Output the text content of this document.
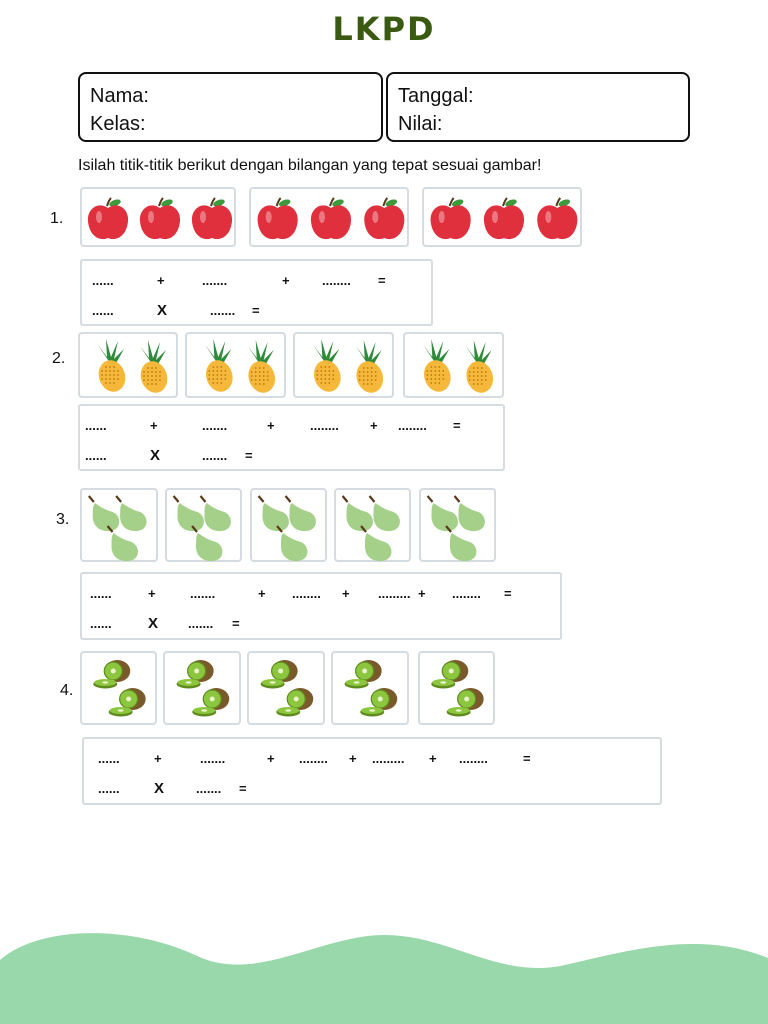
LKPD
Nama:
Kelas:
Tanggal:
Nilai:
Isilah titik-titik berikut dengan bilangan yang tepat sesuai gambar!
1.
......	+	.......	+ ........ =
......	X	....... =
2.
......	+	.......	+	........ + ........ =
......	X	....... =
3.
......	+	.......	+ ........ + ......... + ........ =
...... X ....... =
4.
......	+	.......	+ ........ + ......... + ........	=
...... X ....... =
